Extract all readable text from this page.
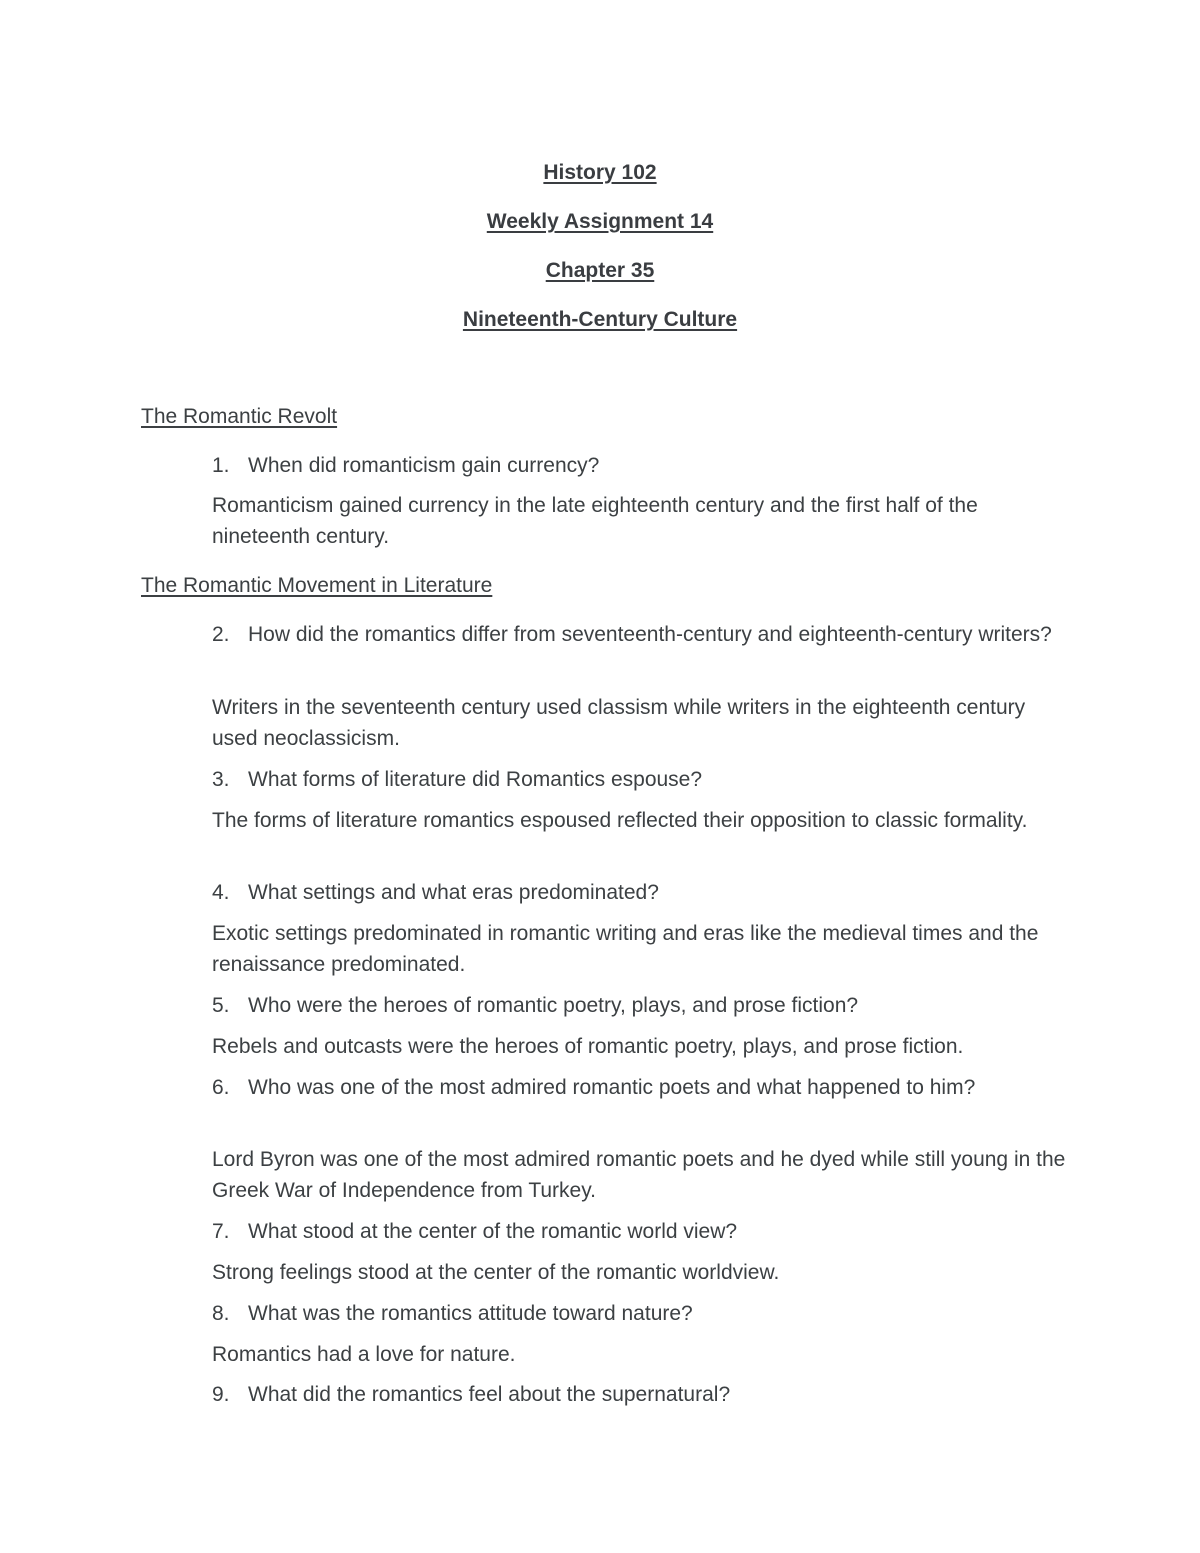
History 102
Weekly Assignment 14
Chapter 35
Nineteenth-Century Culture
The Romantic Revolt
1. When did romanticism gain currency?
Romanticism gained currency in the late eighteenth century and the first half of the nineteenth century.
The Romantic Movement in Literature
2. How did the romantics differ from seventeenth-century and eighteenth-century writers?
Writers in the seventeenth century used classism while writers in the eighteenth century used neoclassicism.
3. What forms of literature did Romantics espouse?
The forms of literature romantics espoused reflected their opposition to classic formality.
4. What settings and what eras predominated?
Exotic settings predominated in romantic writing and eras like the medieval times and the renaissance predominated.
5. Who were the heroes of romantic poetry, plays, and prose fiction?
Rebels and outcasts were the heroes of romantic poetry, plays, and prose fiction.
6. Who was one of the most admired romantic poets and what happened to him?
Lord Byron was one of the most admired romantic poets and he dyed while still young in the Greek War of Independence from Turkey.
7. What stood at the center of the romantic world view?
Strong feelings stood at the center of the romantic worldview.
8. What was the romantics attitude toward nature?
Romantics had a love for nature.
9. What did the romantics feel about the supernatural?
